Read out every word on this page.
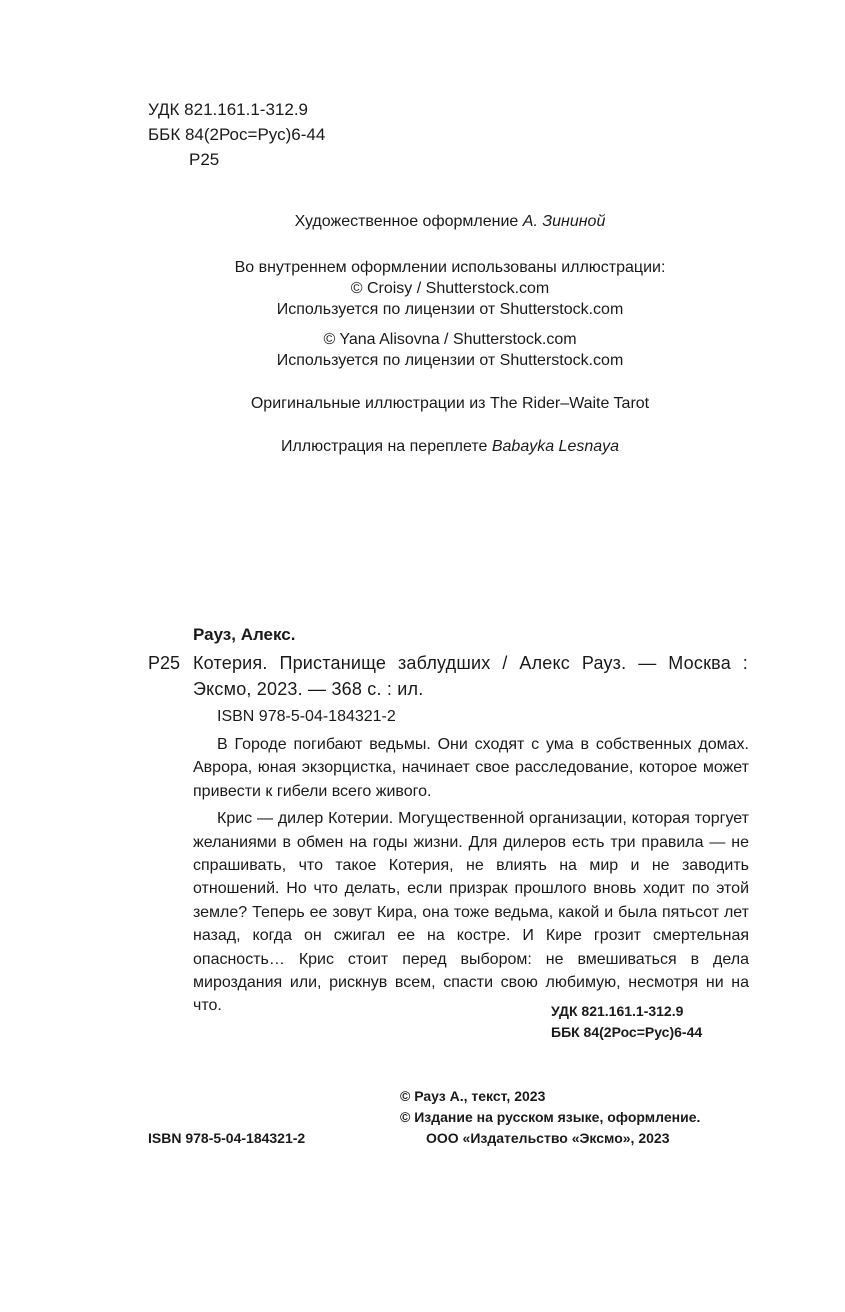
УДК 821.161.1-312.9
ББК 84(2Рос=Рус)6-44
Р25
Художественное оформление А. Зининой
Во внутреннем оформлении использованы иллюстрации:
© Croisy / Shutterstock.com
Используется по лицензии от Shutterstock.com
© Yana Alisovna / Shutterstock.com
Используется по лицензии от Shutterstock.com
Оригинальные иллюстрации из The Rider–Waite Tarot
Иллюстрация на переплете Babayka Lesnaya
Рауз, Алекс.
Р25 Котерия. Пристанище заблудших / Алекс Рауз. — Москва : Эксмо, 2023. — 368 с. : ил.
ISBN 978-5-04-184321-2

В Городе погибают ведьмы. Они сходят с ума в собственных домах. Аврора, юная экзорцистка, начинает свое расследование, которое может привести к гибели всего живого.

Крис — дилер Котерии. Могущественной организации, которая торгует желаниями в обмен на годы жизни. Для дилеров есть три правила — не спрашивать, что такое Котерия, не влиять на мир и не заводить отношений. Но что делать, если призрак прошлого вновь ходит по этой земле? Теперь ее зовут Кира, она тоже ведьма, какой и была пятьсот лет назад, когда он сжигал ее на костре. И Кире грозит смертельная опасность… Крис стоит перед выбором: не вмешиваться в дела мироздания или, рискнув всем, спасти свою любимую, несмотря ни на что.	УДК 821.161.1-312.9
ББК 84(2Рос=Рус)6-44
© Рауз А., текст, 2023
© Издание на русском языке, оформление.
ООО «Издательство «Эксмо», 2023
ISBN 978-5-04-184321-2
